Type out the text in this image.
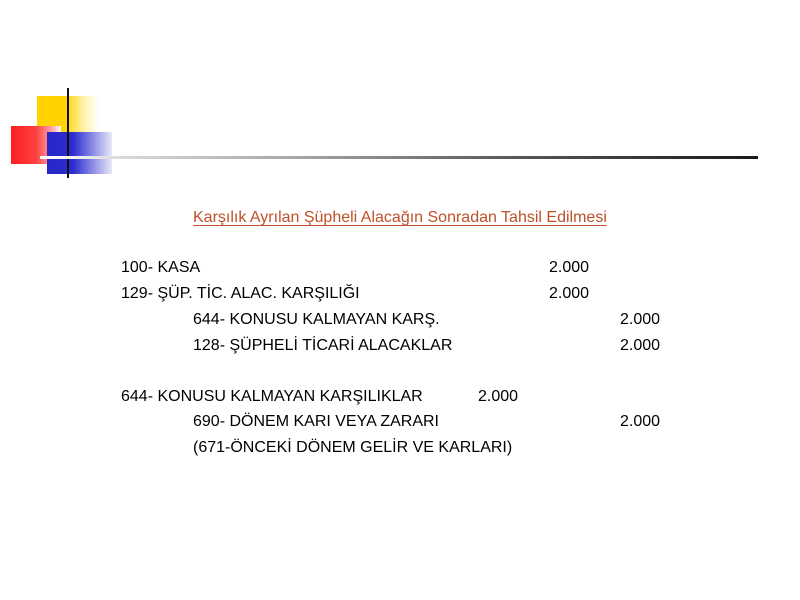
Karşılık Ayrılan Şüpheli Alacağın Sonradan Tahsil Edilmesi
100- KASA	2.000
129- ŞÜP. TİC. ALAC. KARŞILIĞI	2.000
644- KONUSU KALMAYAN KARŞ.	2.000
128- ŞÜPHELİ TİCARİ ALACAKLAR	2.000
644- KONUSU KALMAYAN KARŞILIKLAR	2.000
690- DÖNEM KARI VEYA ZARARI	2.000
(671-ÖNCEKİ DÖNEM GELİR VE KARLARI)
